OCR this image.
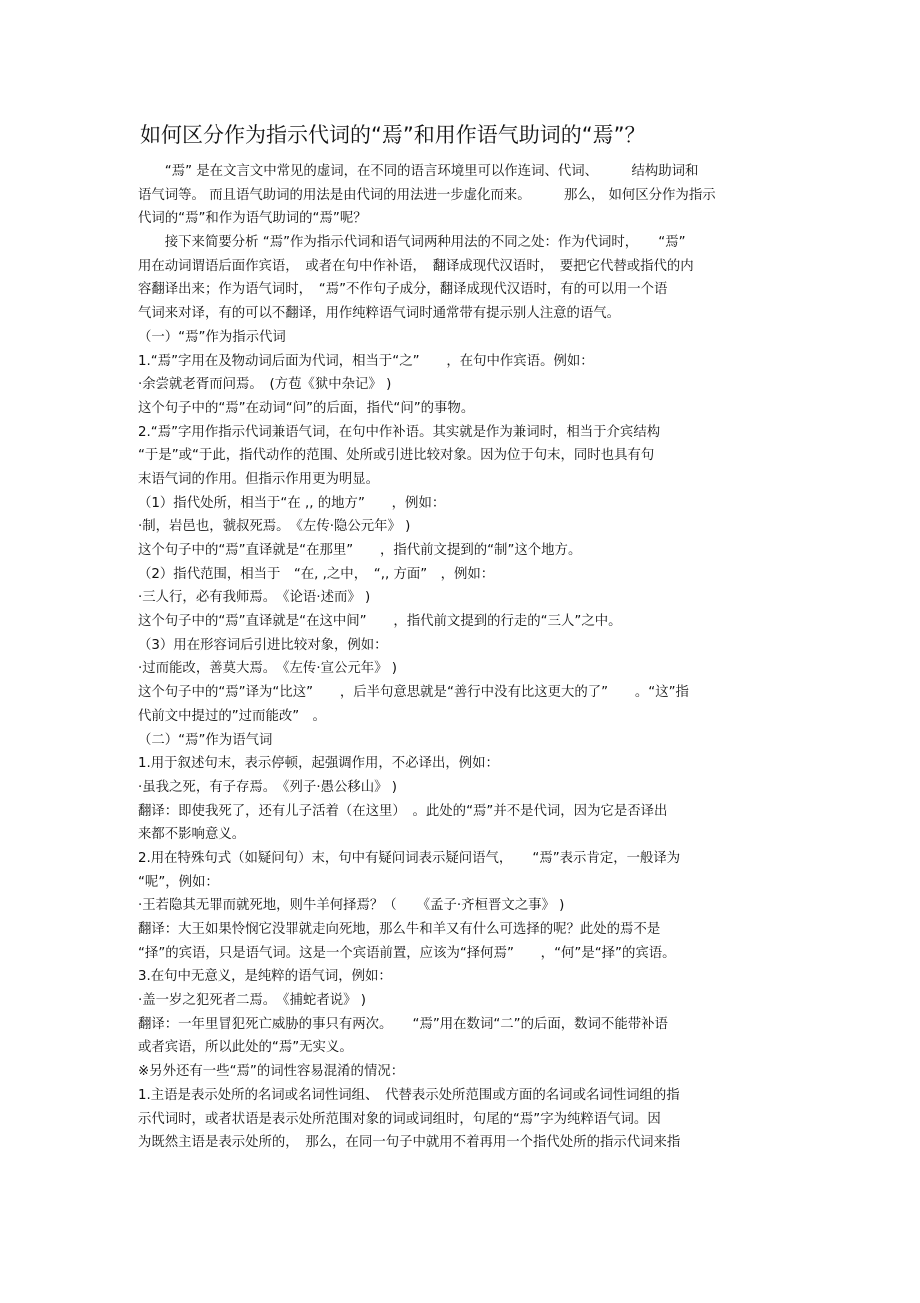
如何区分作为指示代词的“焉”和用作语气助词的“焉”？
　　“焉” 是在文言文中常见的虚词，在不同的语言环境里可以作连词、代词、　　　结构助词和
语气词等。 而且语气助词的用法是由代词的用法进一步虚化而来。　　　那么， 如何区分作为指示
代词的“焉”和作为语气助词的“焉”呢？
　　接下来简要分析 “焉”作为指示代词和语气词两种用法的不同之处：作为代词时，　　“焉”
用在动词谓语后面作宾语，　或者在句中作补语，　翻译成现代汉语时，　要把它代替或指代的内
容翻译出来；作为语气词时，　“焉”不作句子成分，翻译成现代汉语时，有的可以用一个语
气词来对译，有的可以不翻译，用作纯粹语气词时通常带有提示别人注意的语气。
（一）“焉”作为指示代词
1.“焉”字用在及物动词后面为代词，相当于“之”　　，在句中作宾语。例如：
·余尝就老胥而问焉。　(方苞《狱中杂记》 )
这个句子中的“焉”在动词“问”的后面，指代“问”的事物。
2.“焉”字用作指示代词兼语气词，在句中作补语。其实就是作为兼词时，相当于介宾结构
“于是”或“于此，指代动作的范围、处所或引进比较对象。因为位于句末，同时也具有句
末语气词的作用。但指示作用更为明显。
（1）指代处所，相当于“在 ,, 的地方”　　，例如：
·制，岩邑也，虢叔死焉。　《左传·隐公元年》 )
这个句子中的“焉”直译就是“在那里”　　，指代前文提到的“制”这个地方。
（2）指代范围，相当于　“在, ,之中，　“,, 方面”　，例如：
·三人行，必有我师焉。　《论语·述而》 )
这个句子中的“焉”直译就是“在这中间”　　，指代前文提到的行走的“三人”之中。
（3）用在形容词后引进比较对象，例如：
·过而能改，善莫大焉。　《左传·宣公元年》 )
这个句子中的“焉”译为“比这”　　，后半句意思就是“善行中没有比这更大的了”　　。“这”指
代前文中提过的”过而能改”　。
（二）“焉”作为语气词
1.用于叙述句末，表示停顿，起强调作用，不必译出，例如：
·虽我之死，有子存焉。　《列子·愚公移山》 )
翻译：即使我死了，还有儿子活着（在这里）　。此处的“焉”并不是代词，因为它是否译出
来都不影响意义。
2.用在特殊句式（如疑问句）末，句中有疑问词表示疑问语气，　　“焉”表示肯定，一般译为
“呢”，例如：
·王若隐其无罪而就死地，则牛羊何择焉？（　　《孟子·齐桓晋文之事》 )
翻译：大王如果怜悯它没罪就走向死地，那么牛和羊又有什么可选择的呢？此处的焉不是
“择”的宾语，只是语气词。这是一个宾语前置，应该为“择何焉”　　，“何”是“择”的宾语。
3.在句中无意义，是纯粹的语气词，例如：
·盖一岁之犯死者二焉。　《捕蛇者说》 )
翻译：一年里冒犯死亡威胁的事只有两次。　　“焉”用在数词“二”的后面，数词不能带补语
或者宾语，所以此处的“焉”无实义。
※另外还有一些“焉”的词性容易混淆的情况：
1.主语是表示处所的名词或名词性词组、　代替表示处所范围或方面的名词或名词性词组的指
示代词时，或者状语是表示处所范围对象的词或词组时，句尾的“焉”字为纯粹语气词。因
为既然主语是表示处所的，　那么，在同一句子中就用不着再用一个指代处所的指示代词来指
